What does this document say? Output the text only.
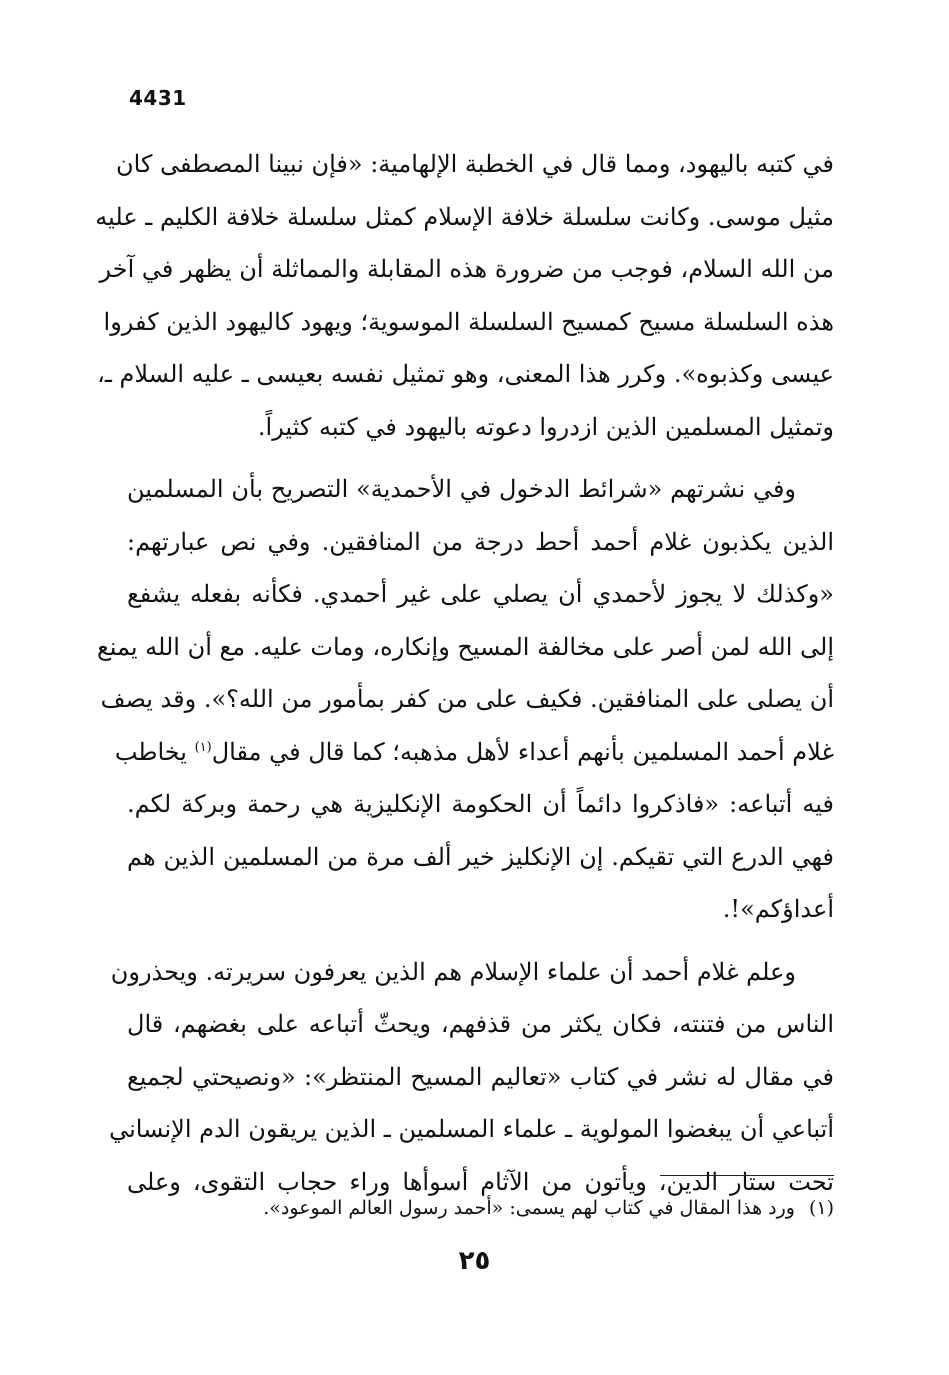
4431
في كتبه باليهود، ومما قال في الخطبة الإلهامية: «فإن نبينا المصطفى كان
مثيل موسى. وكانت سلسلة خلافة الإسلام كمثل سلسلة خلافة الكليم ـ عليه
من الله السلام، فوجب من ضرورة هذه المقابلة والمماثلة أن يظهر في آخر
هذه السلسلة مسيح كمسيح السلسلة الموسوية؛ ويهود كاليهود الذين كفروا
عيسى وكذبوه». وكرر هذا المعنى، وهو تمثيل نفسه بعيسى ـ عليه السلام ـ،
وتمثيل المسلمين الذين ازدروا دعوته باليهود في كتبه كثيراً.
وفي نشرتهم «شرائط الدخول في الأحمدية» التصريح بأن المسلمين
الذين يكذبون غلام أحمد أحط درجة من المنافقين. وفي نص عبارتهم:
«وكذلك لا يجوز لأحمدي أن يصلي على غير أحمدي. فكأنه بفعله يشفع
إلى الله لمن أصر على مخالفة المسيح وإنكاره، ومات عليه. مع أن الله يمنع
أن يصلى على المنافقين. فكيف على من كفر بمأمور من الله؟». وقد يصف
غلام أحمد المسلمين بأنهم أعداء لأهل مذهبه؛ كما قال في مقال$^{(١)}$ يخاطب
فيه أتباعه: «فاذكروا دائماً أن الحكومة الإنكليزية هي رحمة وبركة لكم.
فهي الدرع التي تقيكم. إن الإنكليز خير ألف مرة من المسلمين الذين هم
أعداؤكم»!.
وعلم غلام أحمد أن علماء الإسلام هم الذين يعرفون سريرته. ويحذرون
الناس من فتنته، فكان يكثر من قذفهم، ويحثّ أتباعه على بغضهم، قال
في مقال له نشر في كتاب «تعاليم المسيح المنتظر»: «ونصيحتي لجميع
أتباعي أن يبغضوا المولوية ـ علماء المسلمين ـ الذين يريقون الدم الإنساني
تحت ستار الدين، ويأتون من الآثام أسوأها وراء حجاب التقوى، وعلى
(١)ورد هذا المقال في كتاب لهم يسمى: «أحمد رسول العالم الموعود».
٢٥
